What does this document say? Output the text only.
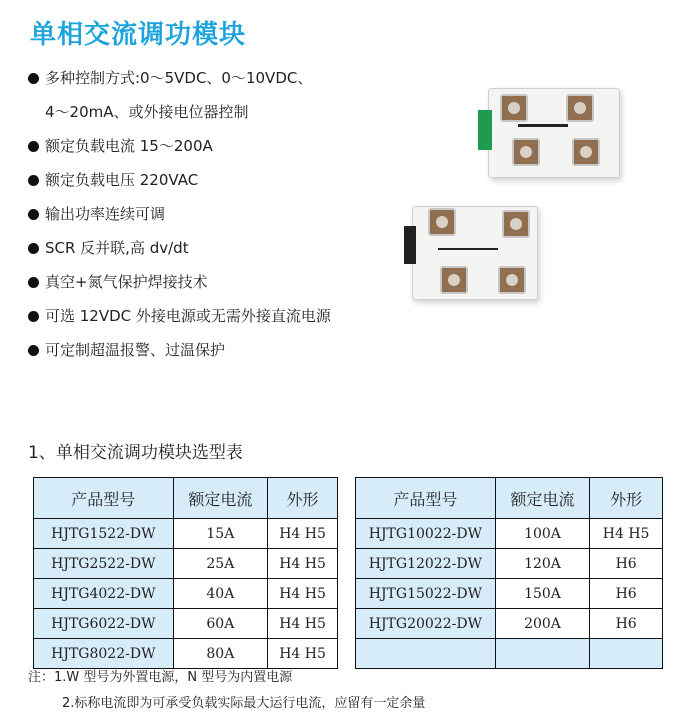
单相交流调功模块
多种控制方式:0～5VDC、0～10VDC、
4～20mA、或外接电位器控制
额定负载电流 15～200A
额定负载电压 220VAC
输出功率连续可调
SCR 反并联,高 dv/dt
真空+氮气保护焊接技术
可选 12VDC 外接电源或无需外接直流电源
可定制超温报警、过温保护
1、单相交流调功模块选型表
产品型号	额定电流	外形
HJTG1522-DW	15A	H4 H5
HJTG2522-DW	25A	H4 H5
HJTG4022-DW	40A	H4 H5
HJTG6022-DW	60A	H4 H5
HJTG8022-DW	80A	H4 H5
产品型号	额定电流	外形
HJTG10022-DW	100A	H4 H5
HJTG12022-DW	120A	H6
HJTG15022-DW	150A	H6
HJTG20022-DW	200A	H6

注：1.W 型号为外置电源，N 型号为内置电源
2.标称电流即为可承受负载实际最大运行电流，应留有一定余量
